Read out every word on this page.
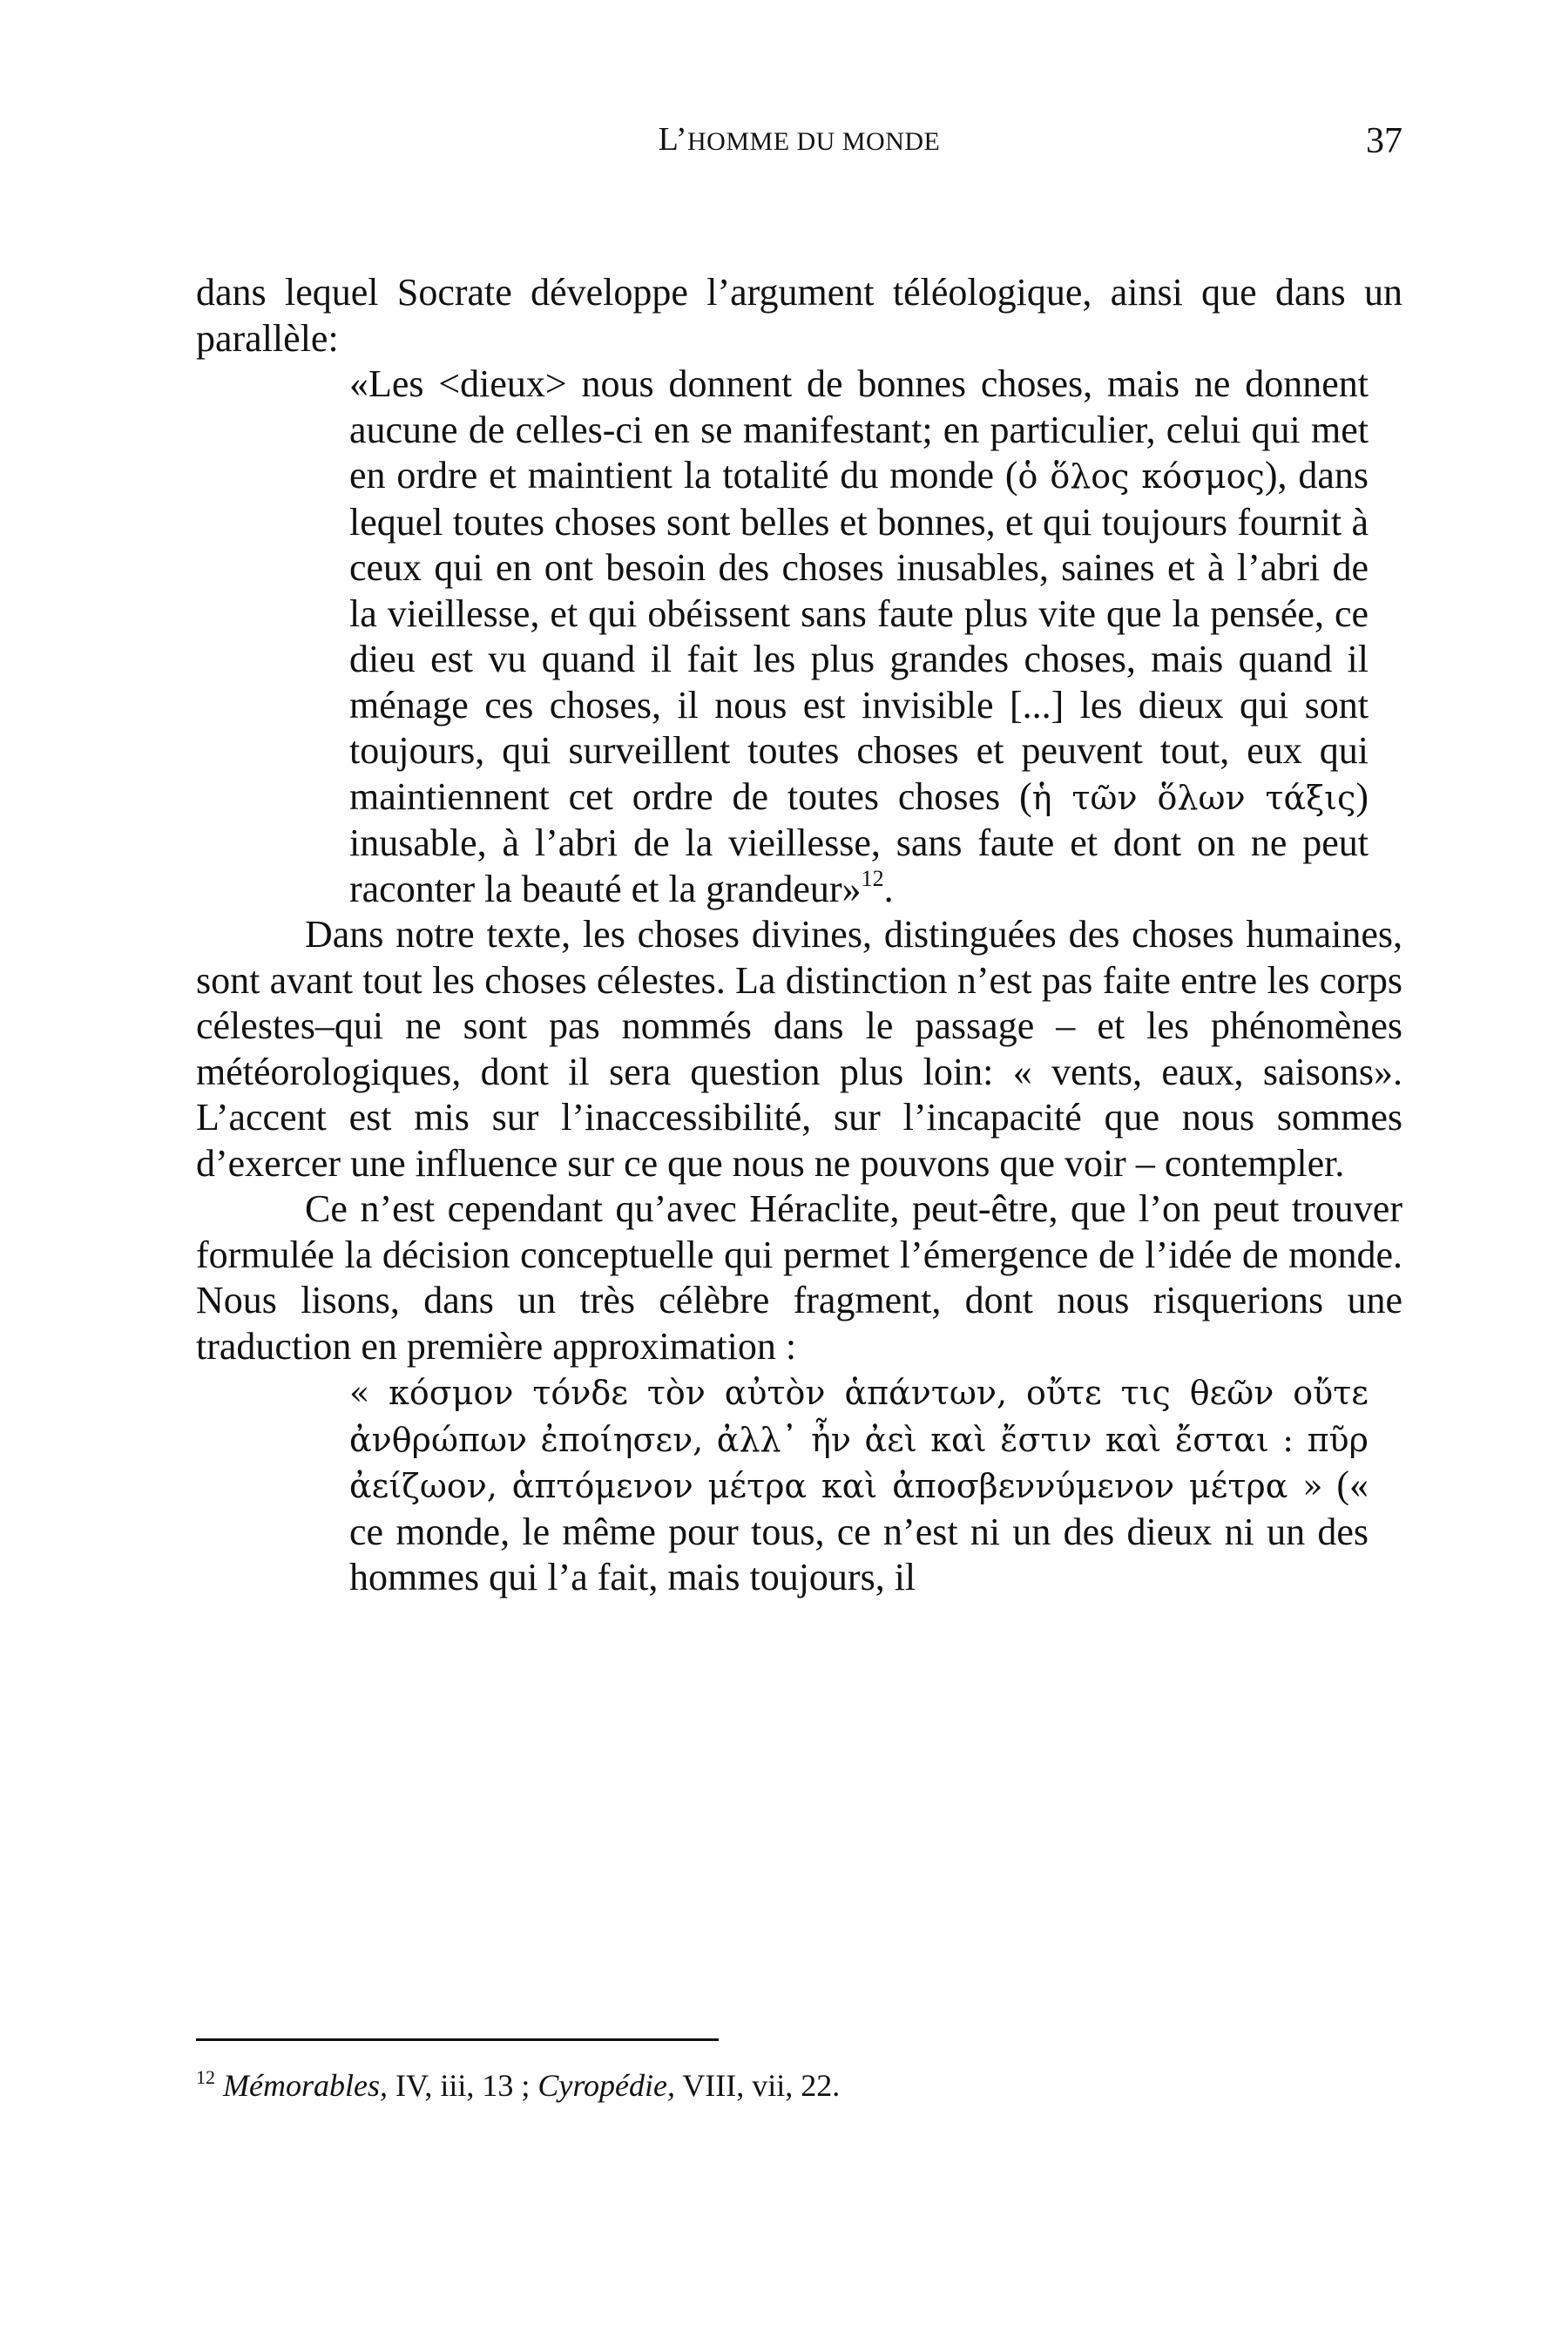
L’HOMME DU MONDE	37

dans lequel Socrate développe l’argument téléologique, ainsi que dans un parallèle:

«Les <dieux> nous donnent de bonnes choses, mais ne donnent aucune de celles-ci en se manifestant; en particulier, celui qui met en ordre et maintient la totalité du monde (ὁ ὅλος κόσμος), dans lequel toutes choses sont belles et bonnes, et qui toujours fournit à ceux qui en ont besoin des choses inusables, saines et à l’abri de la vieillesse, et qui obéissent sans faute plus vite que la pensée, ce dieu est vu quand il fait les plus grandes choses, mais quand il ménage ces choses, il nous est invisible [...] les dieux qui sont toujours, qui surveillent toutes choses et peuvent tout, eux qui maintiennent cet ordre de toutes choses (ἡ τῶν ὅλων τάξις) inusable, à l’abri de la vieillesse, sans faute et dont on ne peut raconter la beauté et la grandeur»$^{12}$.

Dans notre texte, les choses divines, distinguées des choses humaines, sont avant tout les choses célestes. La distinction n’est pas faite entre les corps célestes–qui ne sont pas nommés dans le passage – et les phénomènes météorologiques, dont il sera question plus loin: « vents, eaux, saisons». L’accent est mis sur l’inaccessibilité, sur l’incapacité que nous sommes d’exercer une influence sur ce que nous ne pouvons que voir – contempler.

Ce n’est cependant qu’avec Héraclite, peut-être, que l’on peut trouver formulée la décision conceptuelle qui permet l’émergence de l’idée de monde. Nous lisons, dans un très célèbre fragment, dont nous risquerions une traduction en première approximation :

« κόσμον τόνδε τὸν αὐτὸν ἁπάντων, οὔτε τις θεῶν οὔτε ἀνθρώπων ἐποίησεν, ἀλλ᾽ ἦν ἀεὶ καὶ ἔστιν καὶ ἔσται : πῦρ ἀείζωον, ἁπτόμενον μέτρα καὶ ἀποσβεννύμενον μέτρα » (« ce monde, le même pour tous, ce n’est ni un des dieux ni un des hommes qui l’a fait, mais toujours, il
$^{12}$ Mémorables, IV, iii, 13 ; Cyropédie, VIII, vii, 22.
